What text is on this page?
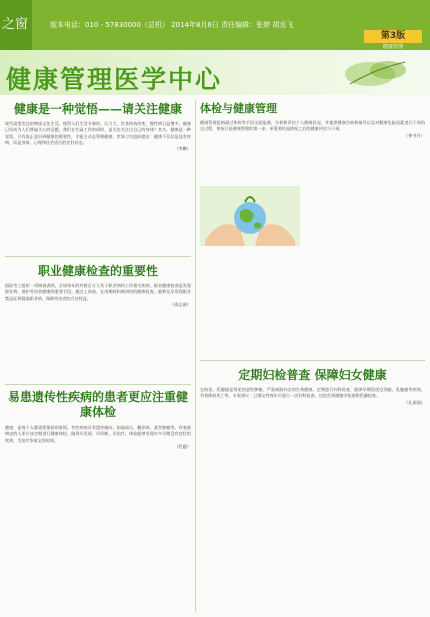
之窗	版本电话：010 - 57830000（总机） 2014年8月6日 责任编辑：张婷 胡丞飞
第3版
健康管理
健康管理医学中心
健康是一种觉悟——请关注健康

现代高度发达的物质文化生活，使得人们生活节奏快、压力大、饮食结构改变，慢性病日益增多。健康已经成为人们普遍关心的话题。我们在忙碌工作的同时，是否也关注过自己的身体？其实，健康是一种觉悟，只有真正意识到健康的重要性，才能主动去管理健康。世界卫生组织提出：健康不仅仅是没有疾病，而是身体、心理和社会适应的完好状态。

（李鹏）
职业健康检查的重要性

国际劳工组织一项调查表明，全球每年约有数百万人死于职业病和工作相关疾病。职业健康检查是发现职业病、保护劳动者健康的重要手段。通过上岗前、在岗期间和离岗时的健康检查，能够及早发现职业禁忌证和疑似职业病，保障劳动者的合法权益。

（周志刚）
易患遗传性疾病的患者更应注重健康体检

健康，是每个人都需要保持的事情。有些疾病具有遗传倾向，如高血压、糖尿病、某些肿瘤等。有家族病史的人更应该定期进行健康体检，做到早发现、早诊断、早治疗。体检能够发现许多早期没有症状的疾病，为治疗争取宝贵时间。

（乳慈）
体检与健康管理

健康管理是指通过体检等手段全面监测、分析和评估个人健康状况，并提供健康咨询和指导以及对健康危险因素进行干预的全过程。体检只是健康管理的第一步，更重要的是体检之后的健康评估与干预。

（崔书月）
定期妇检普查 保障妇女健康

在防治、乳腺癌是常见的恶性肿瘤，严重威胁妇女的生命健康。定期进行妇科检查，能够早期发现宫颈癌、乳腺癌等疾病，有效降低死亡率。专家建议：已婚女性每年应进行一次妇科检查，包括宫颈细胞学检查和乳腺检查。

（孔丽丽）
